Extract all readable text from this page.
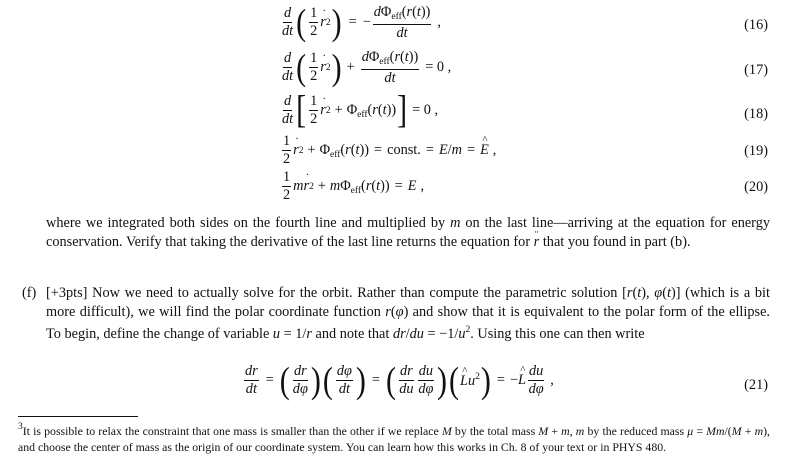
$\frac{d}{dt}$ ( $\frac{1}{2}$ r ˙ 2 ) = − $\frac{d\Phi_{eff}(r(t))}{dt}$ ,	(16)
$\frac{d}{dt}$ ( $\frac{1}{2}$ r ˙ 2 ) + $\frac{d\Phi_{eff}(r(t))}{dt} = 0$ ,	(17)
$\frac{d}{dt}$ [ $\frac{1}{2}$ r ˙ $2 + \Phi_{eff}(r(t))$ ] = 0 ,	(18)
$\frac{1}{2}$ r ˙ $2 + \Phi_{eff}(r(t))$ = const. = E / m = E ^ ,	(19)
$\frac{1}{2}$ mr ˙ $2 + m\Phi_{eff}(r(t)) = E$ ,	(20)
where we integrated both sides on the fourth line and multiplied by m on the last line—arriving at the equation for energy conservation. Verify that taking the derivative of the last line returns the equation for r ¨ that you found in part (b).
(f) [+3pts] Now we need to actually solve for the orbit. Rather than compute the parametric solution [r(t), φ(t)] (which is a bit more difficult), we will find the polar coordinate function r(φ) and show that it is equivalent to the polar form of the ellipse. To begin, define the change of variable u = 1/r and note that $dr/du = -1/u^2$. Using this one can then write
$\frac{dr}{dt}$ = ( $\frac{dr}{d\varphi}$ ) ( $\frac{d\varphi}{dt}$ ) = ( $\frac{dr}{du} \frac{du}{d\varphi}$ ) ( L $\^{}u^2$ ) = −L ^ $\frac{du}{d\varphi}$ ,	(21)
$^3$It is possible to relax the constraint that one mass is smaller than the other if we replace M by the total mass M + m, m by the reduced mass μ = Mm/(M + m), and choose the center of mass as the origin of our coordinate system. You can learn how this works in Ch. 8 of your text or in PHYS 480.
